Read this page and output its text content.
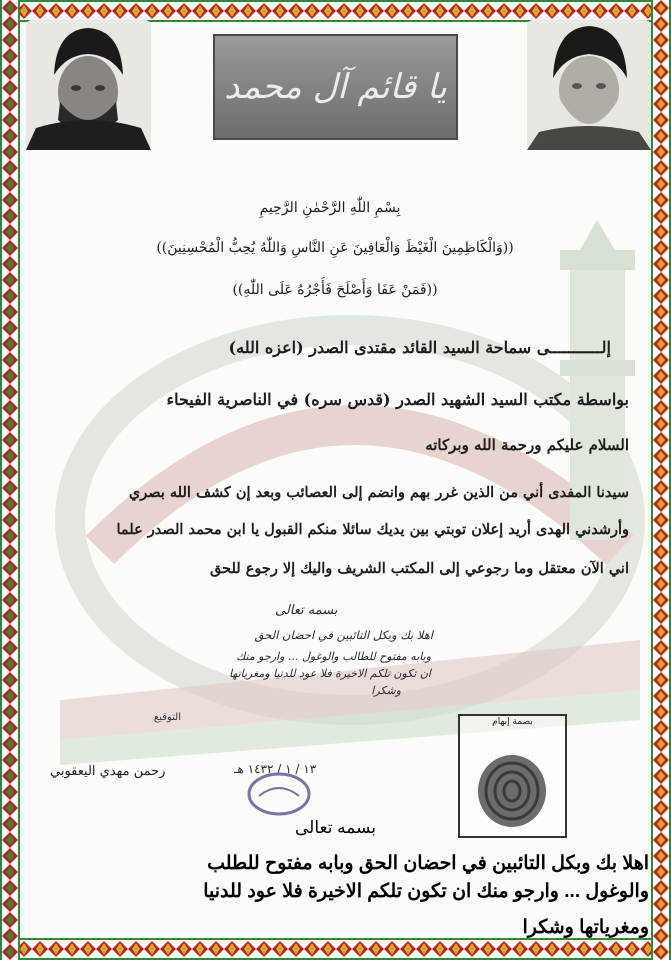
يا قائم آل محمد
بِسْمِ اللّٰهِ الرَّحْمٰنِ الرَّحِيمِ
((وَالْكَاظِمِينَ الْغَيْظَ وَالْعَافِينَ عَنِ النَّاسِ وَاللّٰهُ يُحِبُّ الْمُحْسِنِينَ))
((فَمَنْ عَفَا وَأَصْلَحَ فَأَجْرُهُ عَلَى اللّٰهِ))
إلـــــــــــى سماحة السيد القائد مقتدى الصدر (اعزه الله)
بواسطة مكتب السيد الشهيد الصدر (قدس سره) في الناصرية الفيحاء
السلام عليكم ورحمة الله وبركاته
سيدنا المفدى أني من الذين غرر بهم وانضم إلى العصائب وبعد إن كشف الله بصري
وأرشدني الهدى أريد إعلان توبتي بين يديك سائلا منكم القبول يا ابن محمد الصدر علما
اني الآن معتقل وما رجوعي إلى المكتب الشريف واليك إلا رجوع للحق
بسمه تعالى
اهلا بك وبكل التائبين في احضان الحق
وبابه مفتوح للطالب والوغول ... وارجو منك
ان تكون تلكم الاخيرة فلا عود للدنيا ومغرياتها
وشكرا
التوقيع	بصمة إبهام
رحمن مهدي اليعقوبي	١٣ / ١ / ١٤٣٢ هـ
بسمه تعالى
اهلا بك وبكل التائبين في احضان الحق وبابه مفتوح للطلب
والوغول ... وارجو منك ان تكون تلكم الاخيرة فلا عود للدنيا
ومغرياتها وشكرا
